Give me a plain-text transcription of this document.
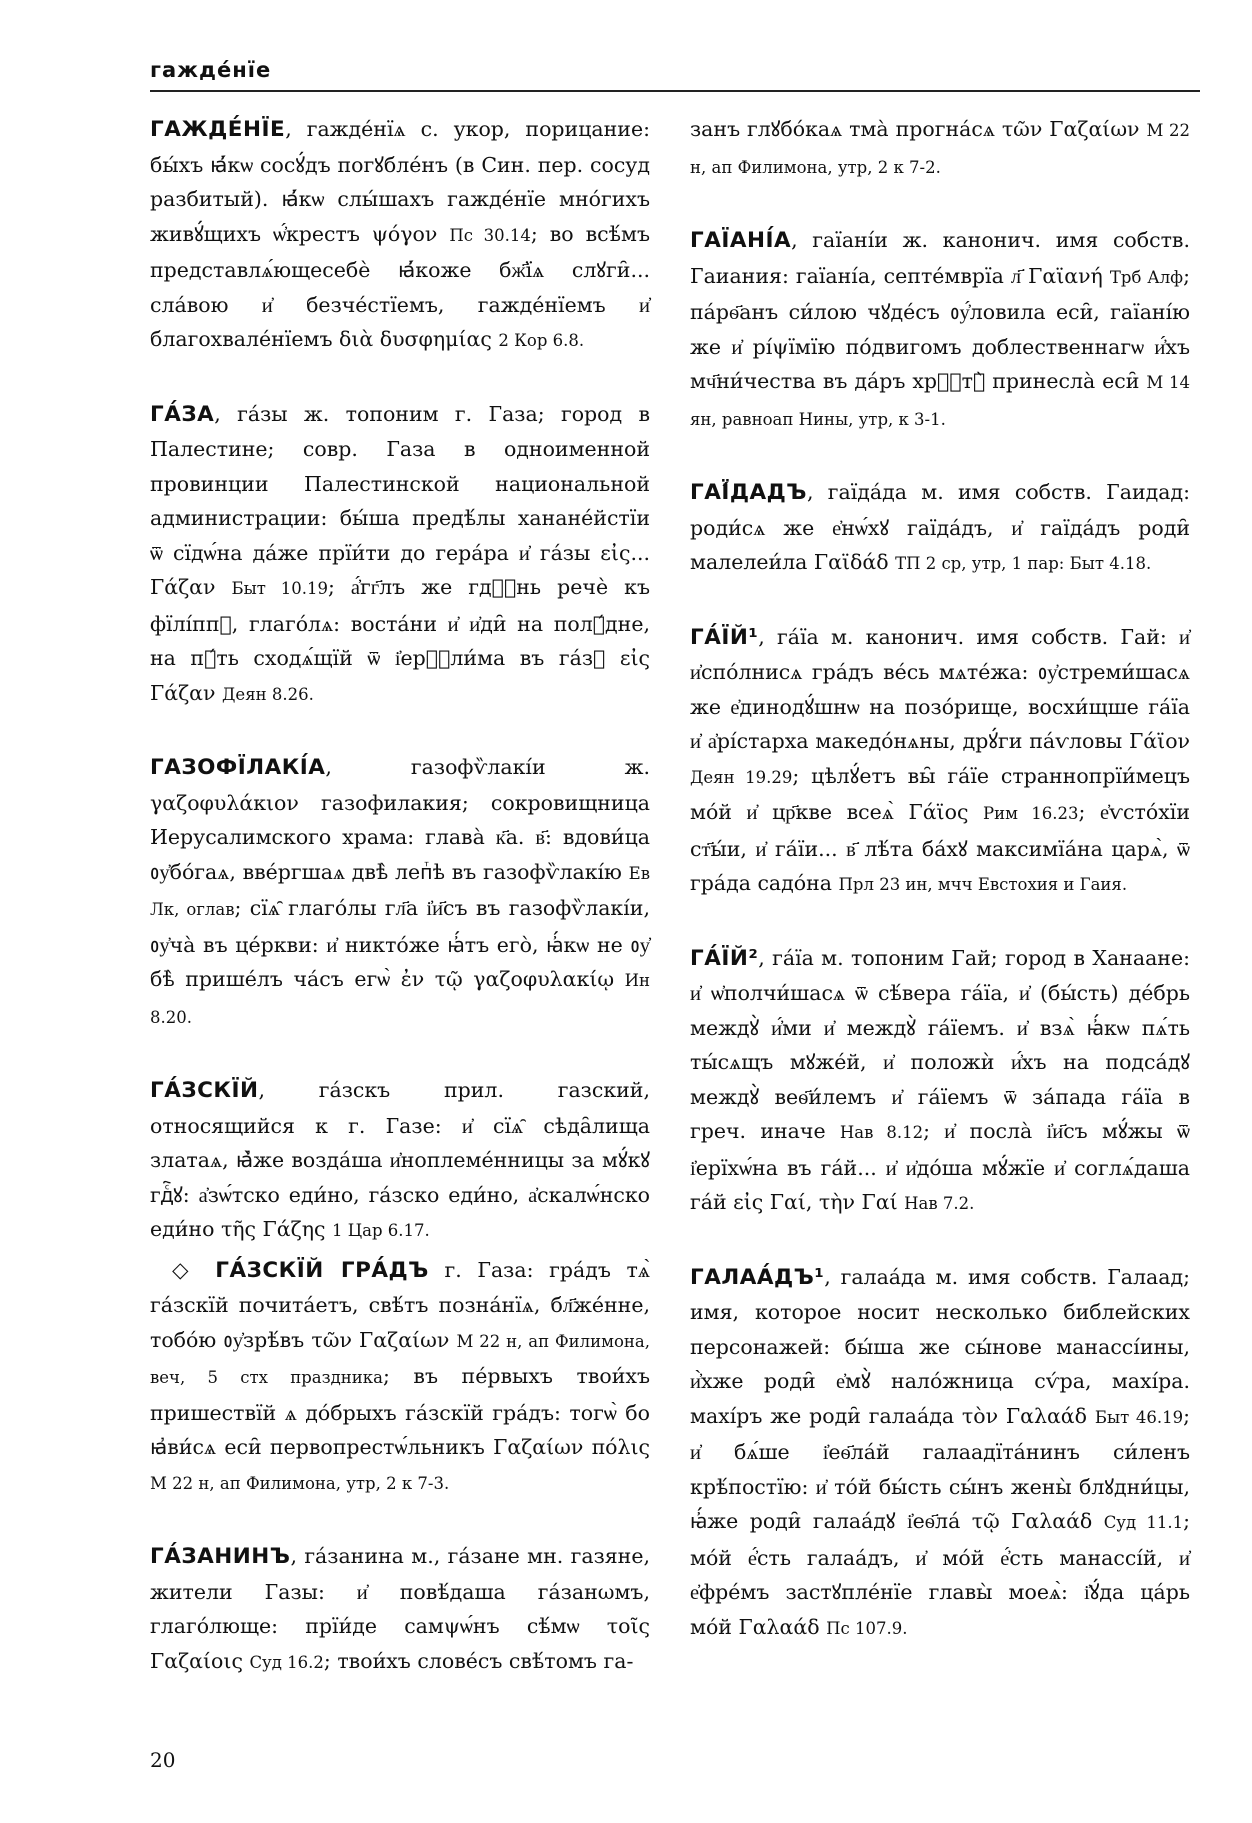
гажде́нїе

ГАЖДЕ́НЇЕ, гажде́нїѧ с. укор, порицание: бы́хъ ꙗ҆́кѡ сосꙋ́дъ погꙋбле́нъ (в Син. пер. сосуд разбитый). ꙗ҆́кѡ слы́шахъ гажде́нїе мно́гихъ живꙋ́щихъ ѡ҆́крестъ ψόγον Пс 30.14; во всѣ́мъ представлѧ́ющесебѐ ꙗ҆́коже бж҃їѧ слꙋги̑... сла́вою и҆ безче́стїемъ, гажде́нїемъ и҆ благохвале́нїемъ διὰ δυσφημίας 2 Кор 6.8.

ГА́ЗА, га́зы ж. топоним г. Газа; город в Палестине; совр. Газа в одноименной провинции Палестинской национальной администрации: бы́ша предѣ́лы ханане́йстїи ѿ сїдѡ́на да́же прїи́ти до гера́ра и҆ га́зы εἰς... Γάζαν Быт 10.19; а҆́гг҃лъ же гдⷭ҇нь речѐ къ фїлі́ппꙋ, глаго́лѧ: воста́ни и҆ и҆ди̑ на полꙋ́дне, на пꙋ́ть сходѧ́щїй ѿ і҆ерⷭ҇ли́ма въ га́зꙋ εἰς Γάζαν Деян 8.26.

ГАЗОФЇЛАКІ́А, газофѷлакі́и ж. γαζοφυλάκιον газофилакия; сокровищница Иерусалимского храма: глава̀ к҃а. в҃: вдови́ца ᲂу҆бо́гаѧ, вве́ргшаѧ двѣ̀ лепⷮѣ въ газофѷлакі́ю Ев Лк, оглав; сїѧ̑ глаго́лы гл҃а і҆и҃съ въ газофѷлакі́и, ᲂу҆ча̀ въ це́ркви: и҆ никто́же ꙗ҆́тъ его̀, ꙗ҆́кѡ не ᲂу҆ бѣ̀ прише́лъ ча́съ егѡ̀ ἐν τῷ γαζοφυλακίῳ Ин 8.20.

ГА́ЗСКЇЙ, га́зскъ прил. газский, относящийся к г. Газе: и҆ сїѧ̑ сѣда̑лища златаѧ, ꙗ҆̀же возда́ша и҆ноплеме́нницы за мꙋ́кꙋ гдⷭ҇ꙋ: а҆зѡ́тско еди́но, га́зско еди́но, а҆скалѡ́нско еди́но τῆς Γάζης 1 Цар 6.17.

◇ ГА́ЗСКЇЙ ГРА́ДЪ г. Газа: гра́дъ тѧ̀ га́зскїй почита́етъ, свѣ́тъ позна́нїѧ, бл҃же́нне, тобо́ю ᲂу҆зрѣ́въ τῶν Γαζαίων М 22 н, ап Филимона, веч, 5 стх праздника; въ пе́рвыхъ твои́хъ пришествїй ѧ до́брыхъ га́зскїй гра́дъ: тогѡ̀ бо ꙗ҆ви́сѧ еси̑ первопрестѡ́льникъ Γαζαίων πόλις М 22 н, ап Филимона, утр, 2 к 7-3.

ГА́ЗАНИНЪ, га́занина м., га́зане мн. газяне, жители Газы: и҆ повѣ́даша га́занωмъ, глаго́люще: прїи́де самψѡ́нъ сѣ́мѡ τοῖς Γαζαίοις Суд 16.2; твои́хъ слове́съ свѣ́томъ га-

занъ глꙋбо́каѧ тма̀ прогна́сѧ τῶν Γαζαίων М 22 н, ап Филимона, утр, 2 к 7-2.

ГАЇАНІ́А, гаїані́и ж. канонич. имя собств. Гаиания: гаїані́а, септе́мврїа л҃ Γαϊανή Трб Алф; па́рѳ҃анъ си́лою чꙋде́съ ᲂу҆́ловила еси̑, гаїані́ю же и҆ рі́ψїмїю по́двигомъ доблественнагѡ и҆́хъ мч҃ни́чества въ да́ръ хрⷭ҇тꙋ̀ принесла̀ еси̑ М 14 ян, равноап Нины, утр, к 3-1.

ГАЇ́ДАДЪ, гаїда́да м. имя собств. Гаидад: роди́сѧ же е҆нѡ́хꙋ гаїда́дъ, и҆ гаїда́дъ роди̑ малелеи́ла Γαϊδάδ ТП 2 ср, утр, 1 пар: Быт 4.18.

ГА́ЇЙ¹, га́їа м. канонич. имя собств. Гай: и҆ и҆спо́лнисѧ гра́дъ ве́сь мѧте́жа: ᲂу҆стреми́шасѧ же е҆динодꙋ́шнѡ на позо́рище, восхи́щше га́їа и҆ а҆рі́старха македо́нѧны, дрꙋ́ги па́ѵловы Γάϊον Деян 19.29; цѣлꙋ́етъ вы̑ га́їе страннопрїи́мецъ мо́й и҆ цр҃кве всеѧ̀ Γάϊος Рим 16.23; е҆ѵсто́хїи ст҃ы́и, и҆ га́їи... в҃ лѣ́та ба́хꙋ максимїа́на царѧ̀, ѿ гра́да садо́на Прл 23 ин, мчч Евстохия и Гаия.

ГА́ЇЙ², га́їа м. топоним Гай; город в Ханаане: и҆ ѡ҆полчи́шасѧ ѿ сѣ́вера га́їа, и҆ (бы́сть) де́брь междꙋ̀ и҆́ми и҆ междꙋ̀ га́їемъ. и҆ взѧ̀ ꙗ҆́кѡ пѧ́ть ты́сѧщъ мꙋже́й, и҆ положѝ и҆́хъ на подса́дꙋ междꙋ̀ веѳ҃и́лемъ и҆ га́їемъ ѿ за́пада га́їа в греч. иначе Нав 8.12; и҆ посла̀ і҆и҃съ мꙋ́жы ѿ і҆ерїхѡ́на въ га́й... и҆ и҆до́ша мꙋ́жїе и҆ соглѧ́даша га́й εἰς Γαί, τὴν Γαί Нав 7.2.

ГАЛАА́ДЪ¹, галаа́да м. имя собств. Галаад; имя, которое носит несколько библейских персонажей: бы́ша же сы́нове манассі́ины, и҆̀хже роди̑ е҆мꙋ̀ нало́жница сѵ́ра, махі́ра. махі́ръ же роди̑ галаа́да τὸν Γαλαάδ Быт 46.19; и҆ бѧ́ше і҆еѳ҃ла́й галаадїта́нинъ си́ленъ крѣ́постїю: и҆ то́й бы́сть сы́нъ жены̀ блꙋдни́цы, ꙗ҆́же роди̑ галаа́дꙋ і҆еѳ҃ла́ τῷ Γαλαάδ Суд 11.1; мо́й е҆́сть галаа́дъ, и҆ мо́й е҆́сть манассі́й, и҆ е҆фре́мъ застꙋпле́нїе главы̀ моеѧ̀: і҆ꙋ́да ца́рь мо́й Γαλαάδ Пс 107.9.

20
